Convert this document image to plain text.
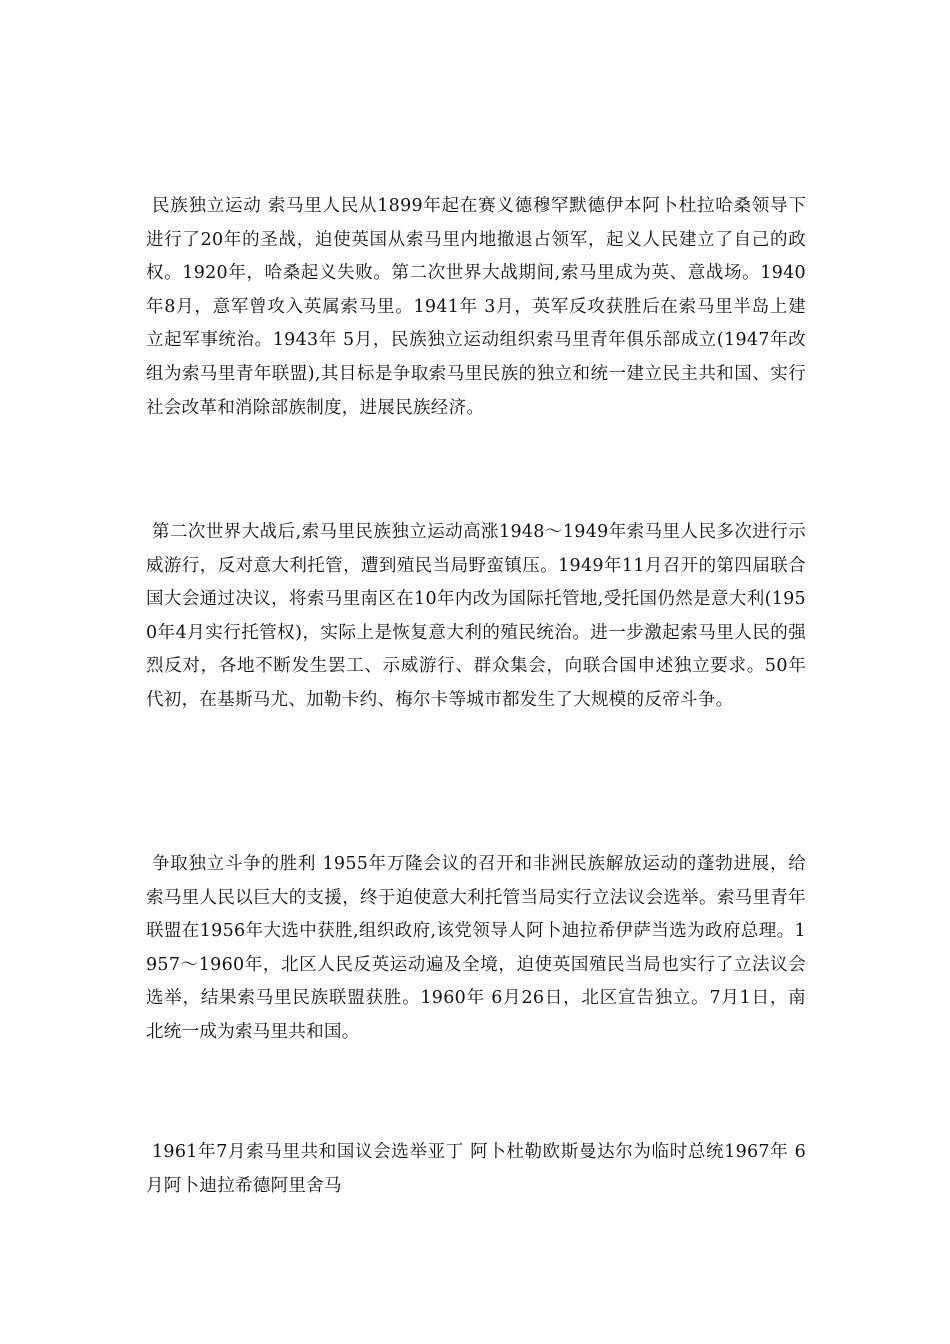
民族独立运动 索马里人民从1899年起在赛义德穆罕默德伊本阿卜杜拉哈桑领导下进行了20年的圣战，迫使英国从索马里内地撤退占领军，起义人民建立了自己的政权。1920年，哈桑起义失败。第二次世界大战期间,索马里成为英、意战场。1940年8月，意军曾攻入英属索马里。1941年 3月，英军反攻获胜后在索马里半岛上建立起军事统治。1943年 5月，民族独立运动组织索马里青年俱乐部成立(1947年改组为索马里青年联盟),其目标是争取索马里民族的独立和统一建立民主共和国、实行社会改革和消除部族制度，进展民族经济。

第二次世界大战后,索马里民族独立运动高涨1948～1949年索马里人民多次进行示威游行，反对意大利托管，遭到殖民当局野蛮镇压。1949年11月召开的第四届联合国大会通过决议，将索马里南区在10年内改为国际托管地,受托国仍然是意大利(1950年4月实行托管权)，实际上是恢复意大利的殖民统治。进一步激起索马里人民的强烈反对，各地不断发生罢工、示威游行、群众集会，向联合国申述独立要求。50年代初，在基斯马尤、加勒卡约、梅尔卡等城市都发生了大规模的反帝斗争。

争取独立斗争的胜利 1955年万隆会议的召开和非洲民族解放运动的蓬勃进展，给索马里人民以巨大的支援，终于迫使意大利托管当局实行立法议会选举。索马里青年联盟在1956年大选中获胜,组织政府,该党领导人阿卜迪拉希伊萨当选为政府总理。1957～1960年，北区人民反英运动遍及全境，迫使英国殖民当局也实行了立法议会选举，结果索马里民族联盟获胜。1960年 6月26日，北区宣告独立。7月1日，南北统一成为索马里共和国。

1961年7月索马里共和国议会选举亚丁 阿卜杜勒欧斯曼达尔为临时总统1967年 6月阿卜迪拉希德阿里舍马
